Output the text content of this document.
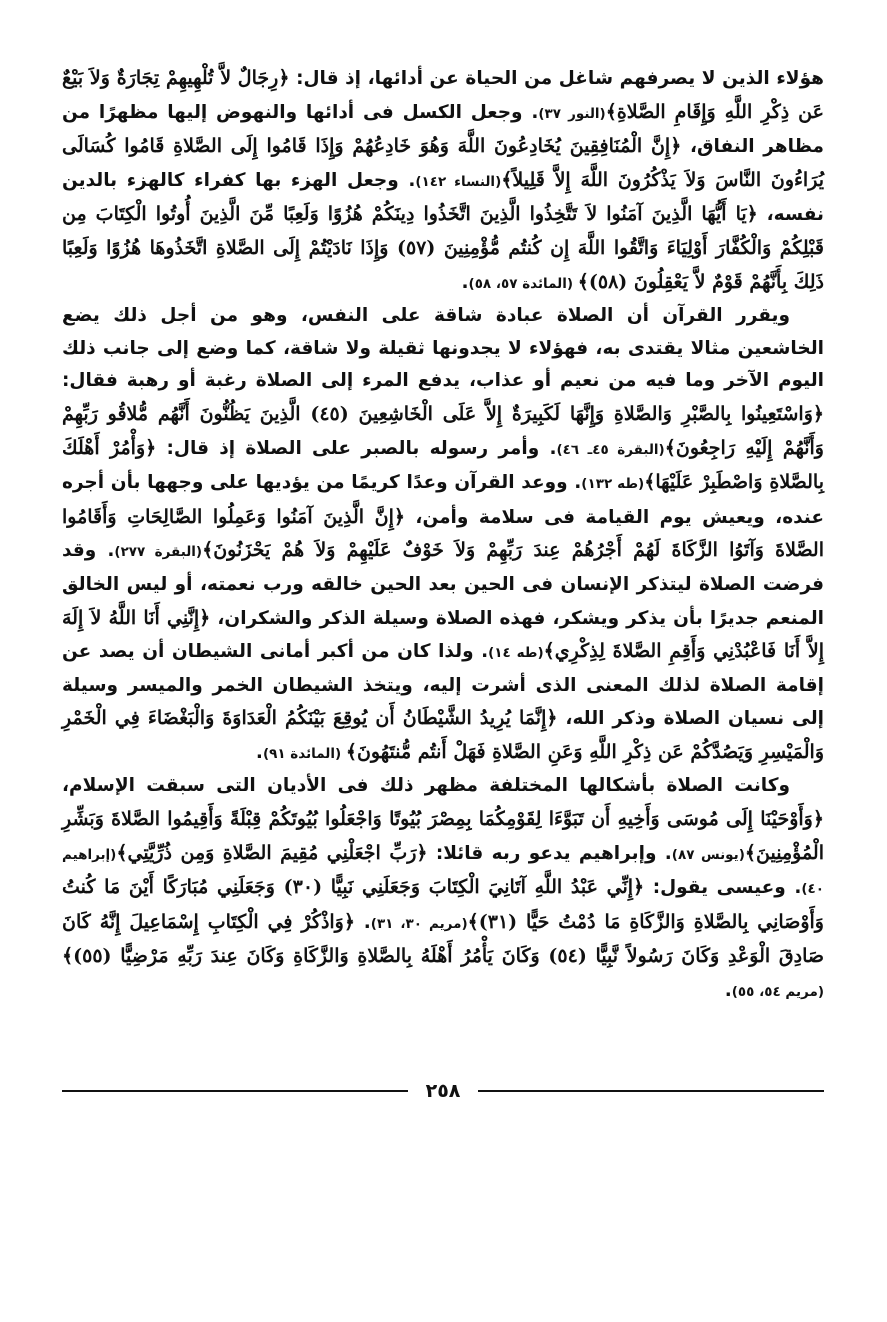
هؤلاء الذين لا يصرفهم شاغل من الحياة عن أدائها، إذ قال: ﴿رِجَالٌ لاَّ تُلْهِيهِمْ تِجَارَةٌ وَلاَ بَيْعٌ عَن ذِكْرِ اللَّهِ وَإِقَامِ الصَّلاةِ﴾(النور ٣٧). وجعل الكسل فى أدائها والنهوض إليها مظهرًا من مظاهر النفاق، ﴿إِنَّ الْمُنَافِقِينَ يُخَادِعُونَ اللَّهَ وَهُوَ خَادِعُهُمْ وَإِذَا قَامُوا إِلَى الصَّلاةِ قَامُوا كُسَالَى يُرَاءُونَ النَّاسَ وَلاَ يَذْكُرُونَ اللَّهَ إِلاَّ قَلِيلاً﴾(النساء ١٤٢). وجعل الهزء بها كفراء كالهزء بالدين نفسه، ﴿يَا أَيُّهَا الَّذِينَ آمَنُوا لاَ تَتَّخِذُوا الَّذِينَ اتَّخَذُوا دِينَكُمْ هُزُوًا وَلَعِبًا مِّنَ الَّذِينَ أُوتُوا الْكِتَابَ مِن قَبْلِكُمْ وَالْكُفَّارَ أَوْلِيَاءَ وَاتَّقُوا اللَّهَ إِن كُنتُم مُّؤْمِنِينَ (٥٧) وَإِذَا نَادَيْتُمْ إِلَى الصَّلاةِ اتَّخَذُوهَا هُزُوًا وَلَعِبًا ذَلِكَ بِأَنَّهُمْ قَوْمٌ لاَّ يَعْقِلُونَ (٥٨)﴾ (المائدة ٥٧، ٥٨).

ويقرر القرآن أن الصلاة عبادة شاقة على النفس، وهو من أجل ذلك يضع الخاشعين مثالا يقتدى به، فهؤلاء لا يجدونها ثقيلة ولا شاقة، كما وضع إلى جانب ذلك اليوم الآخر وما فيه من نعيم أو عذاب، يدفع المرء إلى الصلاة رغبة أو رهبة فقال: ﴿وَاسْتَعِينُوا بِالصَّبْرِ وَالصَّلاةِ وَإِنَّهَا لَكَبِيرَةٌ إِلاَّ عَلَى الْخَاشِعِينَ (٤٥) الَّذِينَ يَظُنُّونَ أَنَّهُم مُّلاقُو رَبِّهِمْ وَأَنَّهُمْ إِلَيْهِ رَاجِعُونَ﴾(البقرة ٤٥ـ ٤٦). وأمر رسوله بالصبر على الصلاة إذ قال: ﴿وَأْمُرْ أَهْلَكَ بِالصَّلاةِ وَاصْطَبِرْ عَلَيْهَا﴾(طه ١٣٢). ووعد القرآن وعدًا كريمًا من يؤديها على وجهها بأن أجره عنده، ويعيش يوم القيامة فى سلامة وأمن، ﴿إِنَّ الَّذِينَ آمَنُوا وَعَمِلُوا الصَّالِحَاتِ وَأَقَامُوا الصَّلاةَ وَآتَوُا الزَّكَاةَ لَهُمْ أَجْرُهُمْ عِندَ رَبِّهِمْ وَلاَ خَوْفٌ عَلَيْهِمْ وَلاَ هُمْ يَحْزَنُونَ﴾(البقرة ٢٧٧). وقد فرضت الصلاة ليتذكر الإنسان فى الحين بعد الحين خالقه ورب نعمته، أو ليس الخالق المنعم جديرًا بأن يذكر ويشكر، فهذه الصلاة وسيلة الذكر والشكران، ﴿إِنَّنِي أَنَا اللَّهُ لاَ إِلَهَ إِلاَّ أَنَا فَاعْبُدْنِي وَأَقِمِ الصَّلاةَ لِذِكْرِي﴾(طه ١٤). ولذا كان من أكبر أمانى الشيطان أن يصد عن إقامة الصلاة لذلك المعنى الذى أشرت إليه، ويتخذ الشيطان الخمر والميسر وسيلة إلى نسيان الصلاة وذكر الله، ﴿إِنَّمَا يُرِيدُ الشَّيْطَانُ أَن يُوقِعَ بَيْنَكُمُ الْعَدَاوَةَ وَالْبَغْضَاءَ فِي الْخَمْرِ وَالْمَيْسِرِ وَيَصُدَّكُمْ عَن ذِكْرِ اللَّهِ وَعَنِ الصَّلاةِ فَهَلْ أَنتُم مُّنتَهُونَ﴾ (المائدة ٩١).

وكانت الصلاة بأشكالها المختلفة مظهر ذلك فى الأديان التى سبقت الإسلام، ﴿وَأَوْحَيْنَا إِلَى مُوسَى وَأَخِيهِ أَن تَبَوَّءَا لِقَوْمِكُمَا بِمِصْرَ بُيُوتًا وَاجْعَلُوا بُيُوتَكُمْ قِبْلَةً وَأَقِيمُوا الصَّلاةَ وَبَشِّرِ الْمُؤْمِنِينَ﴾(يونس ٨٧). وإبراهيم يدعو ربه قائلا: ﴿رَبِّ اجْعَلْنِي مُقِيمَ الصَّلاةِ وَمِن ذُرِّيَّتِي﴾(إبراهيم ٤٠). وعيسى يقول: ﴿إِنِّي عَبْدُ اللَّهِ آتَانِيَ الْكِتَابَ وَجَعَلَنِي نَبِيًّا (٣٠) وَجَعَلَنِي مُبَارَكًا أَيْنَ مَا كُنتُ وَأَوْصَانِي بِالصَّلاةِ وَالزَّكَاةِ مَا دُمْتُ حَيًّا (٣١)﴾(مريم ٣٠، ٣١). ﴿وَاذْكُرْ فِي الْكِتَابِ إِسْمَاعِيلَ إِنَّهُ كَانَ صَادِقَ الْوَعْدِ وَكَانَ رَسُولاً نَّبِيًّا (٥٤) وَكَانَ يَأْمُرُ أَهْلَهُ بِالصَّلاةِ وَالزَّكَاةِ وَكَانَ عِندَ رَبِّهِ مَرْضِيًّا (٥٥)﴾ (مريم ٥٤، ٥٥).

٢٥٨
